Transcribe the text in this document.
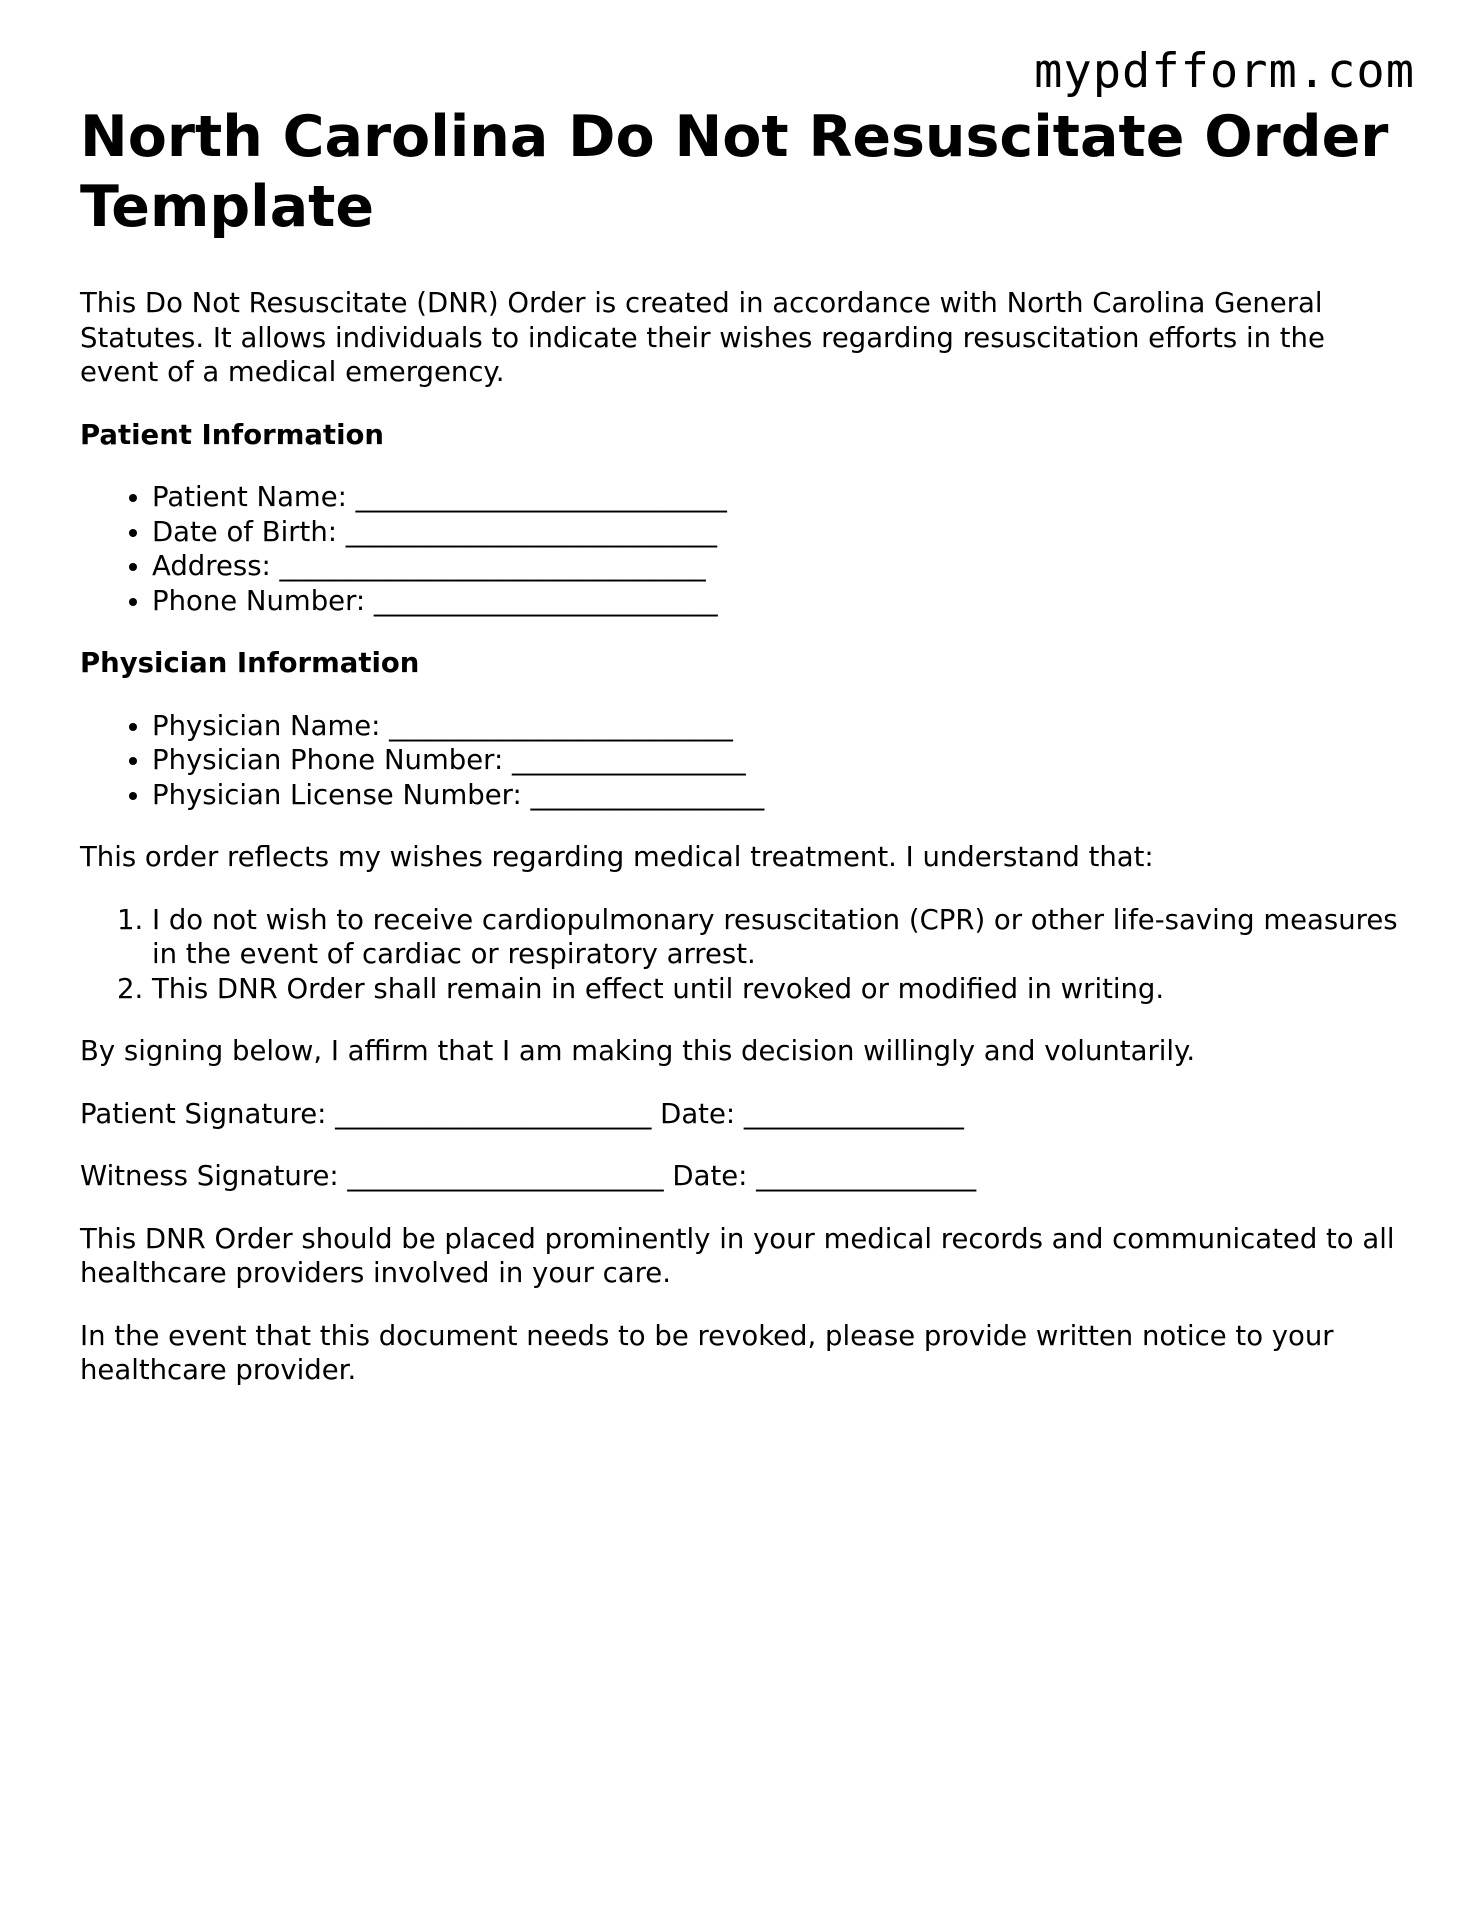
mypdfform.com
North Carolina Do Not Resuscitate Order Template

This Do Not Resuscitate (DNR) Order is created in accordance with North Carolina General Statutes. It allows individuals to indicate their wishes regarding resuscitation efforts in the event of a medical emergency.

Patient Information
• Patient Name: ___________________________
• Date of Birth: ___________________________
• Address: _______________________________
• Phone Number: _________________________
Physician Information
• Physician Name: _________________________
• Physician Phone Number: _________________
• Physician License Number: _________________

This order reflects my wishes regarding medical treatment. I understand that:

1. I do not wish to receive cardiopulmonary resuscitation (CPR) or other life-saving measures in the event of cardiac or respiratory arrest.
2. This DNR Order shall remain in effect until revoked or modified in writing.

By signing below, I affirm that I am making this decision willingly and voluntarily.

Patient Signature: _______________________ Date: ________________

Witness Signature: _______________________ Date: ________________

This DNR Order should be placed prominently in your medical records and communicated to all healthcare providers involved in your care.

In the event that this document needs to be revoked, please provide written notice to your healthcare provider.
